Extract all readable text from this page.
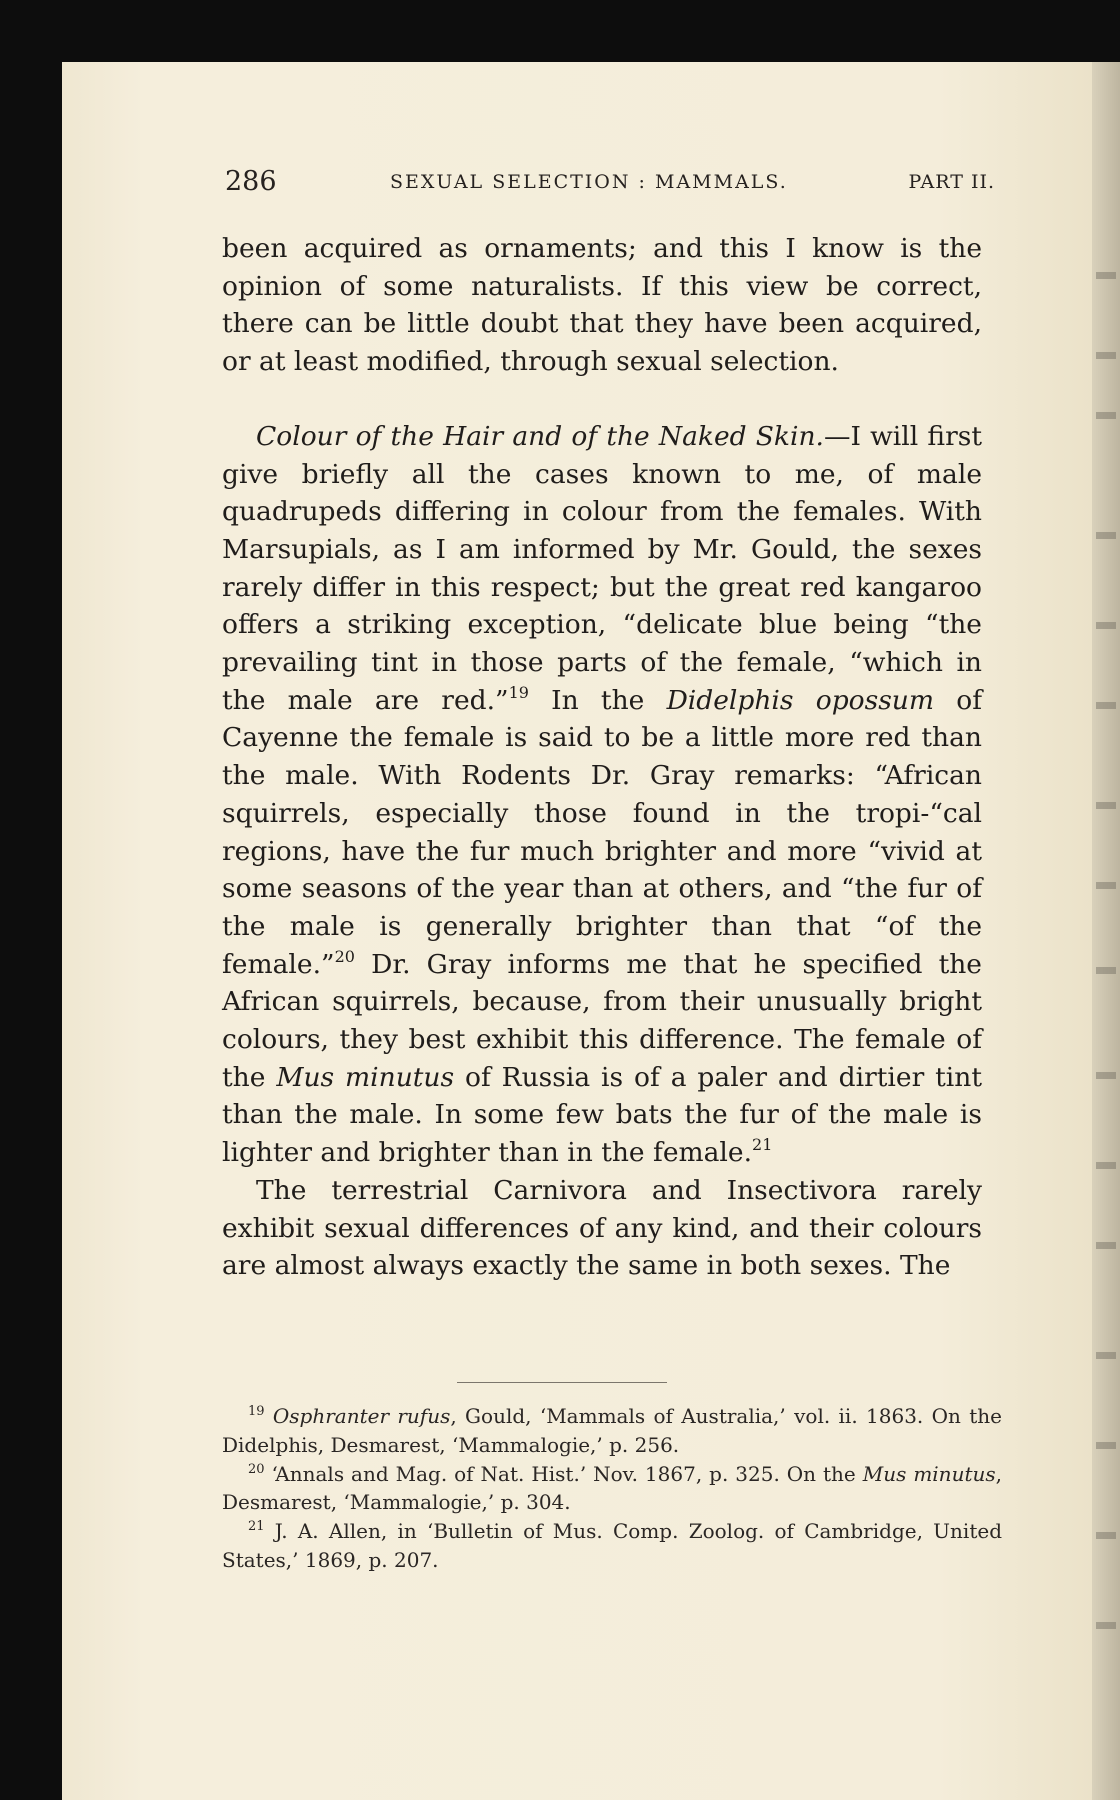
286	SEXUAL SELECTION : MAMMALS.	PART II.

been acquired as ornaments; and this I know is the opinion of some naturalists. If this view be correct, there can be little doubt that they have been acquired, or at least modified, through sexual selection.

Colour of the Hair and of the Naked Skin.—I will first give briefly all the cases known to me, of male quadrupeds differing in colour from the females. With Marsupials, as I am informed by Mr. Gould, the sexes rarely differ in this respect; but the great red kangaroo offers a striking exception, “delicate blue being “the prevailing tint in those parts of the female, “which in the male are red.”$^{19}$ In the Didelphis opossum of Cayenne the female is said to be a little more red than the male. With Rodents Dr. Gray remarks: “African squirrels, especially those found in the tropi-“cal regions, have the fur much brighter and more “vivid at some seasons of the year than at others, and “the fur of the male is generally brighter than that “of the female.”$^{20}$ Dr. Gray informs me that he specified the African squirrels, because, from their unusually bright colours, they best exhibit this difference. The female of the Mus minutus of Russia is of a paler and dirtier tint than the male. In some few bats the fur of the male is lighter and brighter than in the female.$^{21}$

The terrestrial Carnivora and Insectivora rarely exhibit sexual differences of any kind, and their colours are almost always exactly the same in both sexes. The

$^{19}$ Osphranter rufus, Gould, ‘Mammals of Australia,’ vol. ii. 1863. On the Didelphis, Desmarest, ‘Mammalogie,’ p. 256.

$^{20}$ ‘Annals and Mag. of Nat. Hist.’ Nov. 1867, p. 325. On the Mus minutus, Desmarest, ‘Mammalogie,’ p. 304.

$^{21}$ J. A. Allen, in ‘Bulletin of Mus. Comp. Zoolog. of Cambridge, United States,’ 1869, p. 207.
